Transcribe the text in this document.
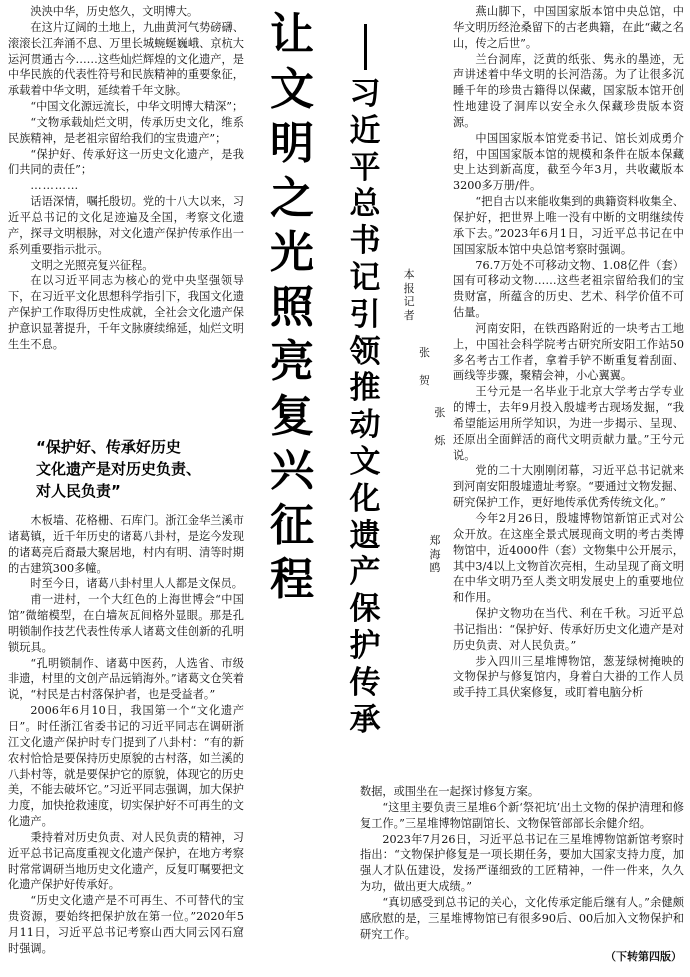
泱泱中华，历史悠久，文明博大。

在这片辽阔的土地上，九曲黄河气势磅礴、滚滚长江奔涌不息、万里长城蜿蜒巍峨、京杭大运河贯通古今……这些灿烂辉煌的文化遗产，是中华民族的代表性符号和民族精神的重要象征，承载着中华文明，延续着千年文脉。

“中国文化源远流长，中华文明博大精深”；

“文物承载灿烂文明，传承历史文化，维系民族精神，是老祖宗留给我们的宝贵遗产”；

“保护好、传承好这一历史文化遗产，是我们共同的责任”；

…………

话语深情，嘱托殷切。党的十八大以来，习近平总书记的文化足迹遍及全国，考察文化遗产，探寻文明根脉，对文化遗产保护传承作出一系列重要指示批示。

文明之光照亮复兴征程。

在以习近平同志为核心的党中央坚强领导下，在习近平文化思想科学指引下，我国文化遗产保护工作取得历史性成就，全社会文化遗产保护意识显著提升，千年文脉赓续绵延，灿烂文明生生不息。

“保护好、传承好历史
文化遗产是对历史负责、
对人民负责”

木板墙、花格栅、石库门。浙江金华兰溪市诸葛镇，近千年历史的诸葛八卦村，是迄今发现的诸葛亮后裔最大聚居地，村内有明、清等时期的古建筑300多幢。

时至今日，诸葛八卦村里人人都是文保员。

甫一进村，一个大红色的上海世博会“中国馆”微缩模型，在白墙灰瓦间格外显眼。那是孔明锁制作技艺代表性传承人诸葛文佳创新的孔明锁玩具。

“孔明锁制作、诸葛中医药，人选省、市级非遗，村里的文创产品远销海外。”诸葛文仓笑着说，“村民是古村落保护者，也是受益者。”

2006年6月10日，我国第一个“文化遗产日”。时任浙江省委书记的习近平同志在调研浙江文化遗产保护时专门提到了八卦村：“有的新农村恰恰是要保持历史原貌的古村落，如兰溪的八卦村等，就是要保护它的原貌，体现它的历史美，不能去破坏它。”习近平同志强调，加大保护力度，加快抢救速度，切实保护好不可再生的文化遗产。

秉持着对历史负责、对人民负责的精神，习近平总书记高度重视文化遗产保护，在地方考察时常常调研当地历史文化遗产，反复叮嘱要把文化遗产保护好传承好。

“历史文化遗产是不可再生、不可替代的宝贵资源，要始终把保护放在第一位。”2020年5月11日，习近平总书记考察山西大同云冈石窟时强调。

让
文
明
之
光
照
亮
复
兴
征
程
习
近
平
总
书
记
引
领
推
动
文
化
遗
产
保
护
传
承
本
报
记
者
张
贺
张
烁
郑
海
鸥

燕山脚下，中国国家版本馆中央总馆，中华文明历经沧桑留下的古老典籍，在此“藏之名山，传之后世”。

兰台洞库，泛黄的纸张、隽永的墨迹，无声讲述着中华文明的长河浩荡。为了让很多沉睡千年的珍贵古籍得以保藏，国家版本馆开创性地建设了洞库以安全永久保藏珍贵版本资源。

中国国家版本馆党委书记、馆长刘成勇介绍，中国国家版本馆的规模和条件在版本保藏史上达到新高度，截至今年3月，共收藏版本3200多万册/件。

“把自古以来能收集到的典籍资料收集全、保护好，把世界上唯一没有中断的文明继续传承下去。”2023年6月1日，习近平总书记在中国国家版本馆中央总馆考察时强调。

76.7万处不可移动文物、1.08亿件（套）国有可移动文物……这些老祖宗留给我们的宝贵财富，所蕴含的历史、艺术、科学价值不可估量。

河南安阳，在铁西路附近的一块考古工地上，中国社会科学院考古研究所安阳工作站50多名考古工作者，拿着手铲不断重复着刮面、画线等步骤，聚精会神，小心翼翼。

王兮元是一名毕业于北京大学考古学专业的博士，去年9月投入殷墟考古现场发掘，“我希望能运用所学知识，为进一步揭示、呈现、还原出全面鲜活的商代文明贡献力量。”王兮元说。

党的二十大刚刚闭幕，习近平总书记就来到河南安阳殷墟遗址考察。“要通过文物发掘、研究保护工作，更好地传承优秀传统文化。”

今年2月26日，殷墟博物馆新馆正式对公众开放。在这座全景式展现商文明的考古类博物馆中，近4000件（套）文物集中公开展示，其中3/4以上文物首次亮相，生动呈现了商文明在中华文明乃至人类文明发展史上的重要地位和作用。

保护文物功在当代、利在千秋。习近平总书记指出：“保护好、传承好历史文化遗产是对历史负责、对人民负责。”

步入四川三星堆博物馆，葱茏绿树掩映的文物保护与修复馆内，身着白大褂的工作人员或手持工具伏案修复，或盯着电脑分析

数据，或围坐在一起探讨修复方案。

“这里主要负责三星堆6个新‘祭祀坑’出土文物的保护清理和修复工作。”三星堆博物馆副馆长、文物保管部部长余健介绍。

2023年7月26日，习近平总书记在三星堆博物馆新馆考察时指出：“文物保护修复是一项长期任务，要加大国家支持力度，加强人才队伍建设，发扬严谨细致的工匠精神，一件一件来，久久为功，做出更大成绩。”

“真切感受到总书记的关心，文化传承定能后继有人。”余健颇感欣慰的是，三星堆博物馆已有很多90后、00后加入文物保护和研究工作。

（下转第四版）
